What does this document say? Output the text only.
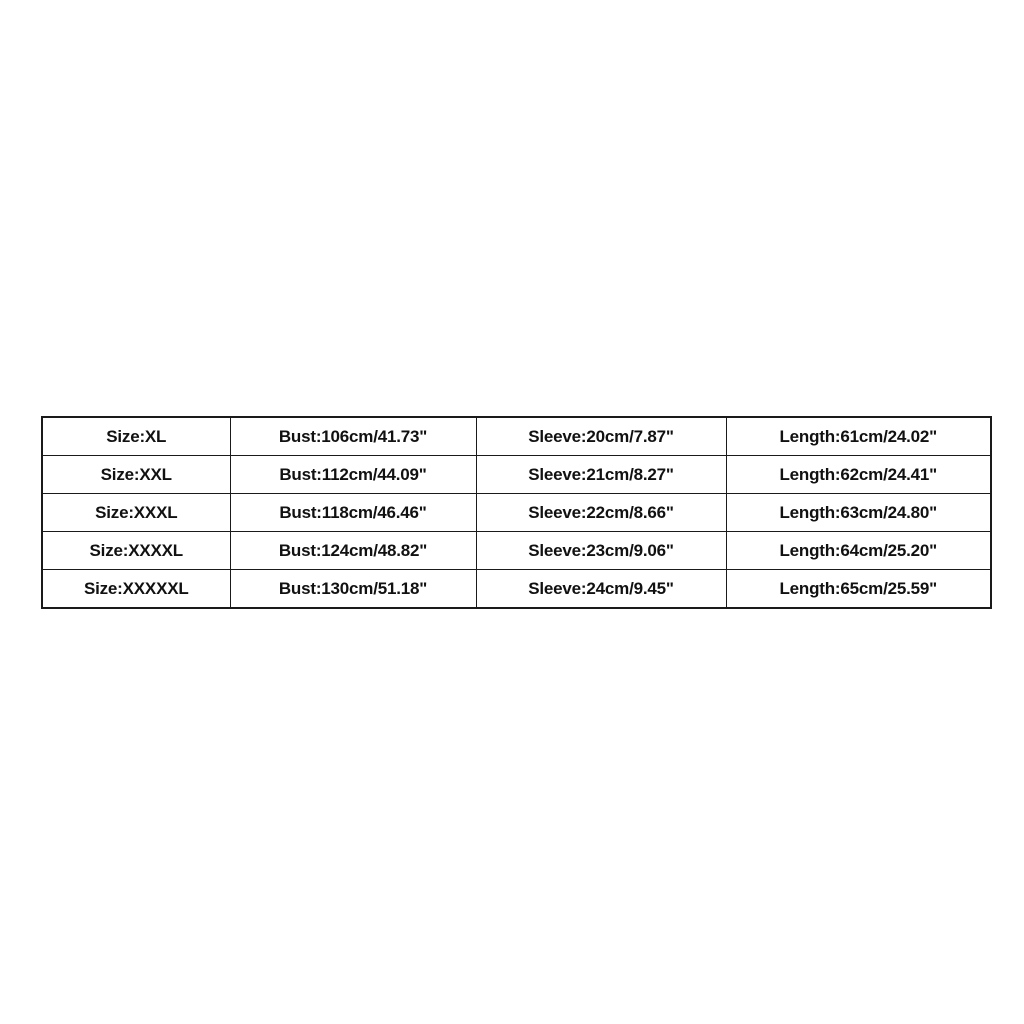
Size:XL	Bust:106cm/41.73"	Sleeve:20cm/7.87"	Length:61cm/24.02"
Size:XXL	Bust:112cm/44.09"	Sleeve:21cm/8.27"	Length:62cm/24.41"
Size:XXXL	Bust:118cm/46.46"	Sleeve:22cm/8.66"	Length:63cm/24.80"
Size:XXXXL	Bust:124cm/48.82"	Sleeve:23cm/9.06"	Length:64cm/25.20"
Size:XXXXXL	Bust:130cm/51.18"	Sleeve:24cm/9.45"	Length:65cm/25.59"
